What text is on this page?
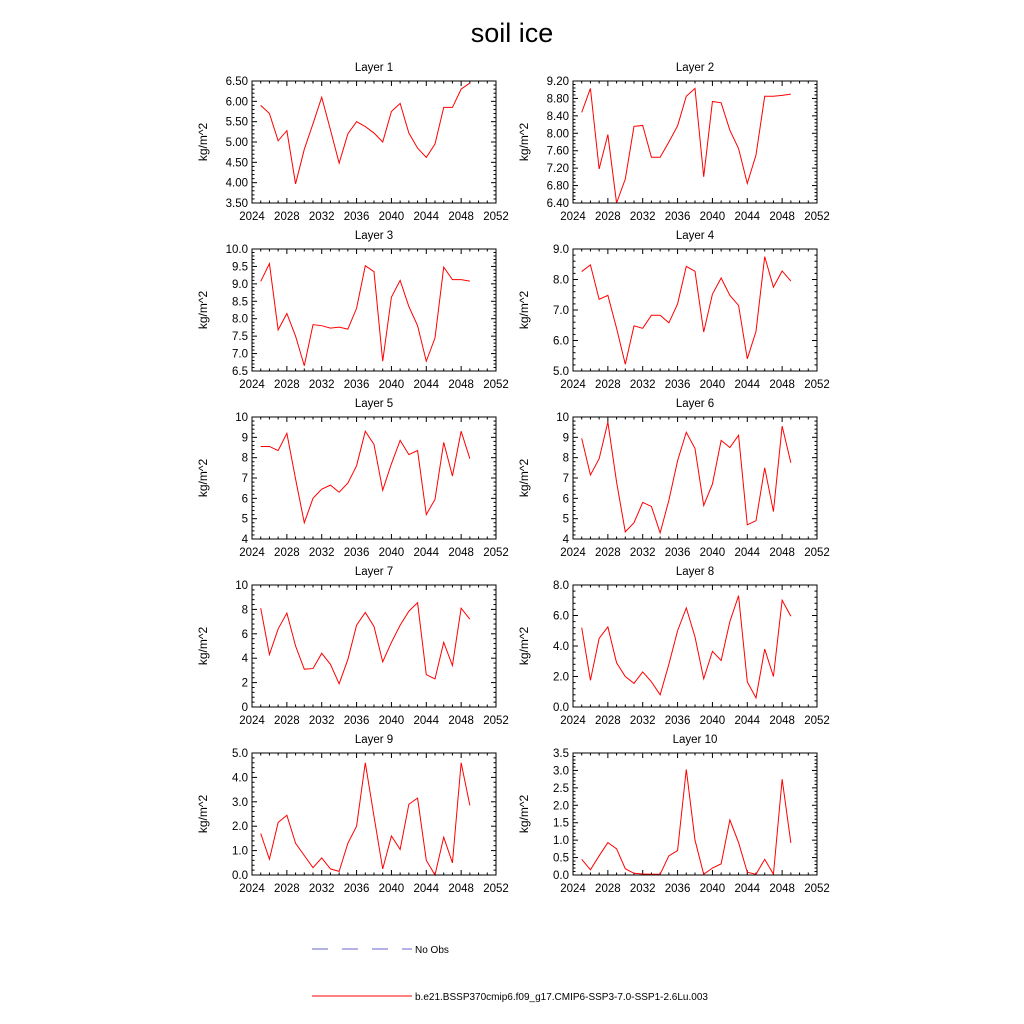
soil ice
Layer 1
kg/m^2
2024 2028 2032 2036 2040 2044 2048 2052
3.50
4.00
4.50
5.00
5.50
6.00
6.50
Layer 2
kg/m^2
2024 2028 2032 2036 2040 2044 2048 2052
6.40
6.80
7.20
7.60
8.00
8.40
8.80
9.20
Layer 3
kg/m^2
2024 2028 2032 2036 2040 2044 2048 2052
6.5
7.0
7.5
8.0
8.5
9.0
9.5
10.0
Layer 4
kg/m^2
2024 2028 2032 2036 2040 2044 2048 2052
5.0
6.0
7.0
8.0
9.0
Layer 5
kg/m^2
2024 2028 2032 2036 2040 2044 2048 2052
4
5
6
7
8
9
10
Layer 6
kg/m^2
2024 2028 2032 2036 2040 2044 2048 2052
4
5
6
7
8
9
10
Layer 7
kg/m^2
2024 2028 2032 2036 2040 2044 2048 2052
0
2
4
6
8
10
Layer 8
kg/m^2
2024 2028 2032 2036 2040 2044 2048 2052
0.0
2.0
4.0
6.0
8.0
Layer 9
kg/m^2
2024 2028 2032 2036 2040 2044 2048 2052
0.0
1.0
2.0
3.0
4.0
5.0
Layer 10
kg/m^2
2024 2028 2032 2036 2040 2044 2048 2052
0.0
0.5
1.0
1.5
2.0
2.5
3.0
3.5
No Obs
b.e21.BSSP370cmip6.f09_g17.CMIP6-SSP3-7.0-SSP1-2.6Lu.003
